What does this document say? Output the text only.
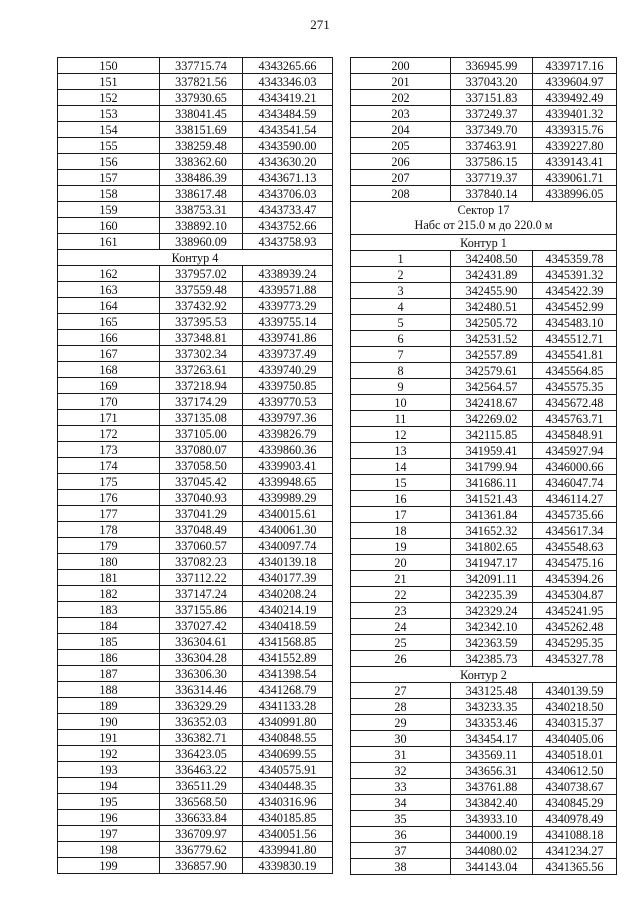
271
150	337715.74	4343265.66
151	337821.56	4343346.03
152	337930.65	4343419.21
153	338041.45	4343484.59
154	338151.69	4343541.54
155	338259.48	4343590.00
156	338362.60	4343630.20
157	338486.39	4343671.13
158	338617.48	4343706.03
159	338753.31	4343733.47
160	338892.10	4343752.66
161	338960.09	4343758.93
Контур 4		
162	337957.02	4338939.24
163	337559.48	4339571.88
164	337432.92	4339773.29
165	337395.53	4339755.14
166	337348.81	4339741.86
167	337302.34	4339737.49
168	337263.61	4339740.29
169	337218.94	4339750.85
170	337174.29	4339770.53
171	337135.08	4339797.36
172	337105.00	4339826.79
173	337080.07	4339860.36
174	337058.50	4339903.41
175	337045.42	4339948.65
176	337040.93	4339989.29
177	337041.29	4340015.61
178	337048.49	4340061.30
179	337060.57	4340097.74
180	337082.23	4340139.18
181	337112.22	4340177.39
182	337147.24	4340208.24
183	337155.86	4340214.19
184	337027.42	4340418.59
185	336304.61	4341568.85
186	336304.28	4341552.89
187	336306.30	4341398.54
188	336314.46	4341268.79
189	336329.29	4341133.28
190	336352.03	4340991.80
191	336382.71	4340848.55
192	336423.05	4340699.55
193	336463.22	4340575.91
194	336511.29	4340448.35
195	336568.50	4340316.96
196	336633.84	4340185.85
197	336709.97	4340051.56
198	336779.62	4339941.80
199	336857.90	4339830.19
200	336945.99	4339717.16
201	337043.20	4339604.97
202	337151.83	4339492.49
203	337249.37	4339401.32
204	337349.70	4339315.76
205	337463.91	4339227.80
206	337586.15	4339143.41
207	337719.37	4339061.71
208	337840.14	4338996.05

Сектор 17
Набс от 215.0 м до 220.0 м		

Контур 1		
1	342408.50	4345359.78
2	342431.89	4345391.32
3	342455.90	4345422.39
4	342480.51	4345452.99
5	342505.72	4345483.10
6	342531.52	4345512.71
7	342557.89	4345541.81
8	342579.61	4345564.85
9	342564.57	4345575.35
10	342418.67	4345672.48
11	342269.02	4345763.71
12	342115.85	4345848.91
13	341959.41	4345927.94
14	341799.94	4346000.66
15	341686.11	4346047.74
16	341521.43	4346114.27
17	341361.84	4345735.66
18	341652.32	4345617.34
19	341802.65	4345548.63
20	341947.17	4345475.16
21	342091.11	4345394.26
22	342235.39	4345304.87
23	342329.24	4345241.95
24	342342.10	4345262.48
25	342363.59	4345295.35
26	342385.73	4345327.78
Контур 2		
27	343125.48	4340139.59
28	343233.35	4340218.50
29	343353.46	4340315.37
30	343454.17	4340405.06
31	343569.11	4340518.01
32	343656.31	4340612.50
33	343761.88	4340738.67
34	343842.40	4340845.29
35	343933.10	4340978.49
36	344000.19	4341088.18
37	344080.02	4341234.27
38	344143.04	4341365.56
